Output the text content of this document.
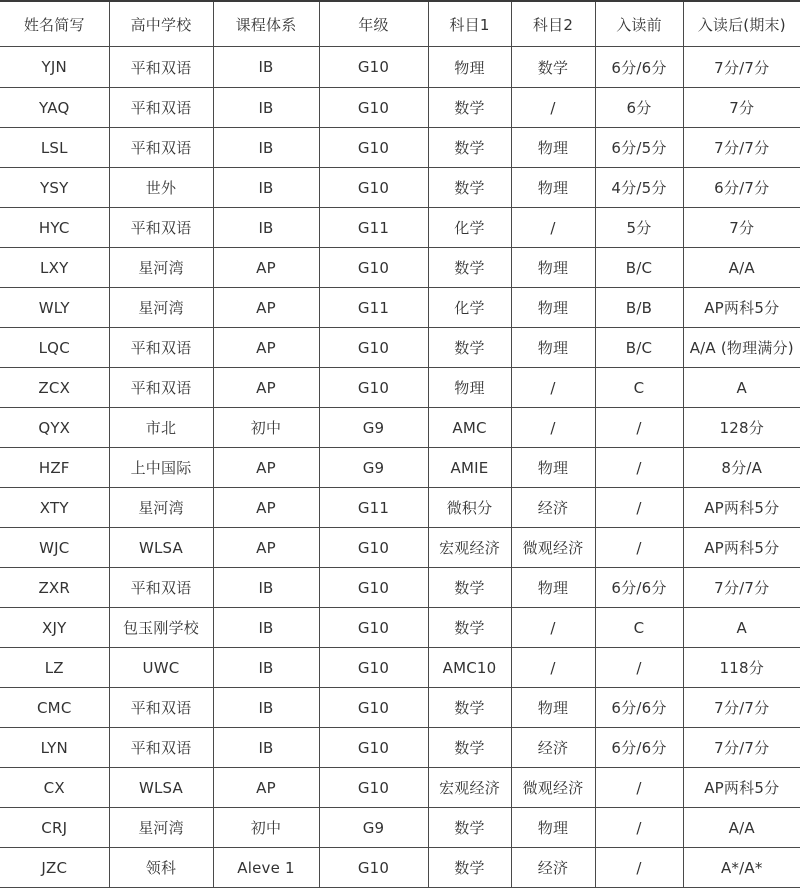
姓名简写	高中学校	课程体系	年级	科目1	科目2	入读前	入读后(期末)
YJN	平和双语	IB	G10	物理	数学	6分/6分	7分/7分
YAQ	平和双语	IB	G10	数学	/	6分	7分
LSL	平和双语	IB	G10	数学	物理	6分/5分	7分/7分
YSY	世外	IB	G10	数学	物理	4分/5分	6分/7分
HYC	平和双语	IB	G11	化学	/	5分	7分
LXY	星河湾	AP	G10	数学	物理	B/C	A/A
WLY	星河湾	AP	G11	化学	物理	B/B	AP两科5分
LQC	平和双语	AP	G10	数学	物理	B/C	A/A (物理满分)
ZCX	平和双语	AP	G10	物理	/	C	A
QYX	市北	初中	G9	AMC	/	/	128分
HZF	上中国际	AP	G9	AMIE	物理	/	8分/A
XTY	星河湾	AP	G11	微积分	经济	/	AP两科5分
WJC	WLSA	AP	G10	宏观经济	微观经济	/	AP两科5分
ZXR	平和双语	IB	G10	数学	物理	6分/6分	7分/7分
XJY	包玉刚学校	IB	G10	数学	/	C	A
LZ	UWC	IB	G10	AMC10	/	/	118分
CMC	平和双语	IB	G10	数学	物理	6分/6分	7分/7分
LYN	平和双语	IB	G10	数学	经济	6分/6分	7分/7分
CX	WLSA	AP	G10	宏观经济	微观经济	/	AP两科5分
CRJ	星河湾	初中	G9	数学	物理	/	A/A
JZC	领科	Aleve 1	G10	数学	经济	/	A*/A*
